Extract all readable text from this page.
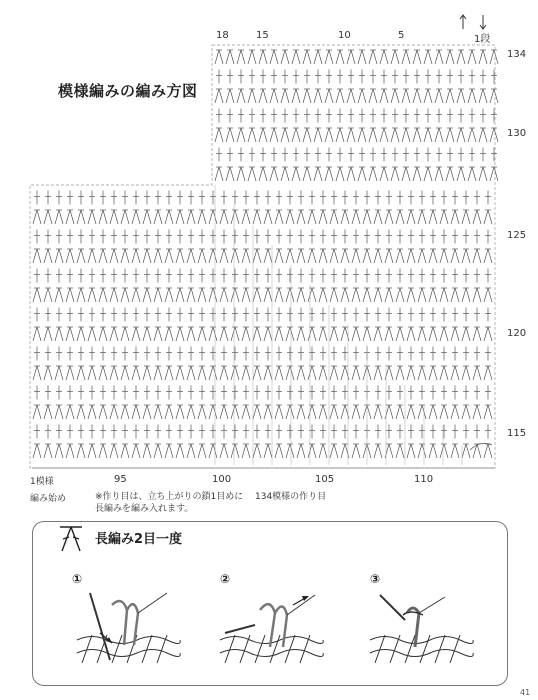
模様編みの編み方図
18	15	10	5	1段
134
130
125
120
115
1模様	95	100	105	110
編み始め	134模様の作り目
※作り目は、立ち上がりの鎖1目めに
長編みを編み入れます。
長編み2目一度
①	②	③
41
